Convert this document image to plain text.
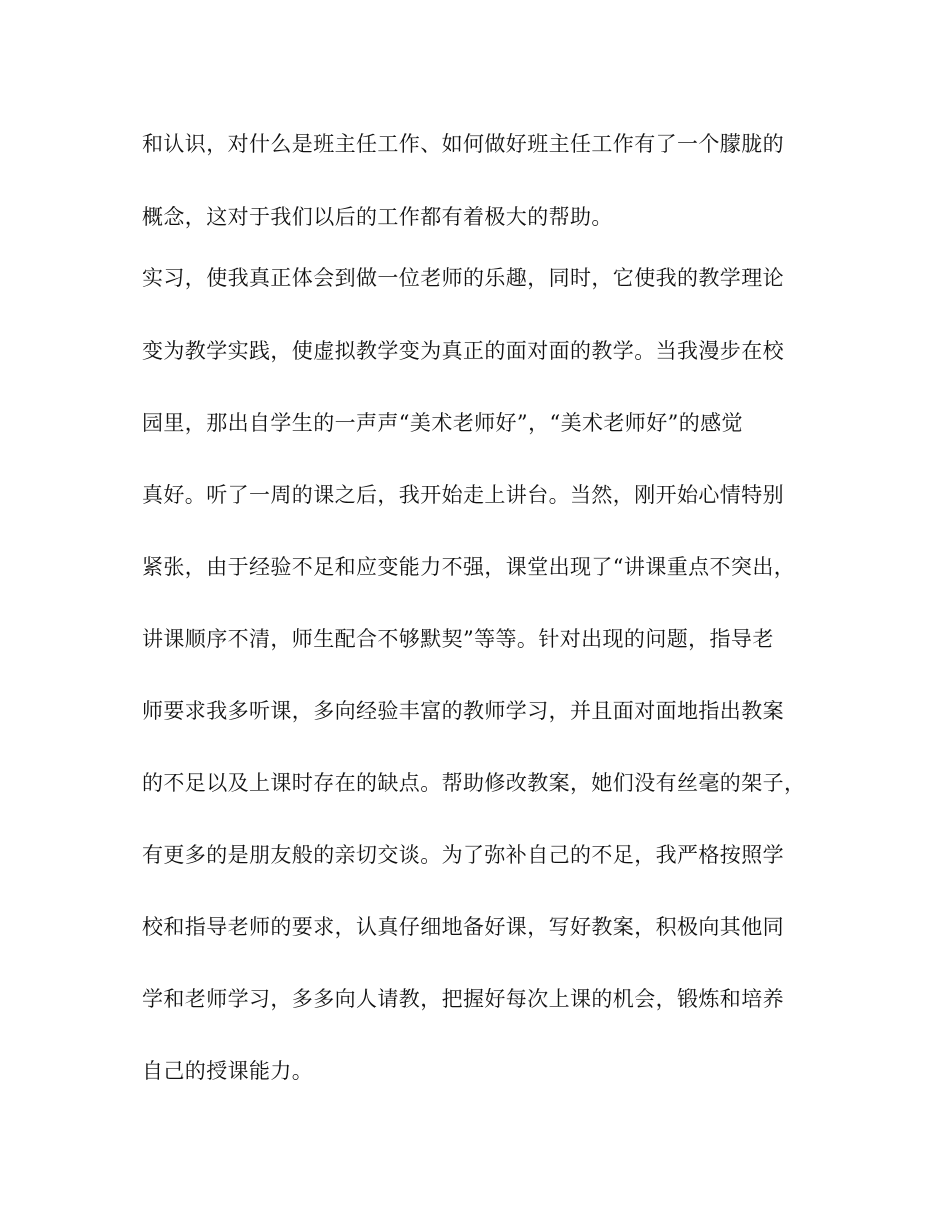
和认识，对什么是班主任工作、如何做好班主任工作有了一个朦胧的
概念，这对于我们以后的工作都有着极大的帮助。
实习，使我真正体会到做一位老师的乐趣，同时，它使我的教学理论
变为教学实践，使虚拟教学变为真正的面对面的教学。当我漫步在校
园里，那出自学生的一声声“美术老师好”，“美术老师好”的感觉
真好。听了一周的课之后，我开始走上讲台。当然，刚开始心情特别
紧张，由于经验不足和应变能力不强，课堂出现了“讲课重点不突出，
讲课顺序不清，师生配合不够默契”等等。针对出现的问题，指导老
师要求我多听课，多向经验丰富的教师学习，并且面对面地指出教案
的不足以及上课时存在的缺点。帮助修改教案，她们没有丝毫的架子，
有更多的是朋友般的亲切交谈。为了弥补自己的不足，我严格按照学
校和指导老师的要求，认真仔细地备好课，写好教案，积极向其他同
学和老师学习，多多向人请教，把握好每次上课的机会，锻炼和培养
自己的授课能力。
